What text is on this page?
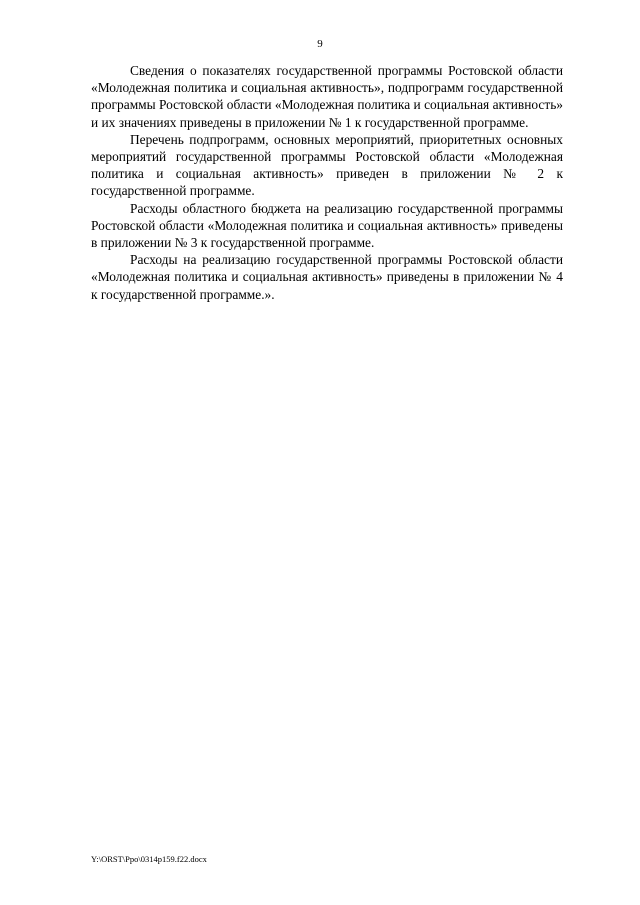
9

Сведения о показателях государственной программы Ростовской области «Молодежная политика и социальная активность», подпрограмм государственной программы Ростовской области «Молодежная политика и социальная активность» и их значениях приведены в приложении № 1 к государственной программе.

Перечень подпрограмм, основных мероприятий, приоритетных основных мероприятий государственной программы Ростовской области «Молодежная политика и социальная активность» приведен в приложении № 2 к государственной программе.

Расходы областного бюджета на реализацию государственной программы Ростовской области «Молодежная политика и социальная активность» приведены в приложении № 3 к государственной программе.

Расходы на реализацию государственной программы Ростовской области «Молодежная политика и социальная активность» приведены в приложении № 4 к государственной программе.».

Y:\ORST\Ppo\0314p159.f22.docx
